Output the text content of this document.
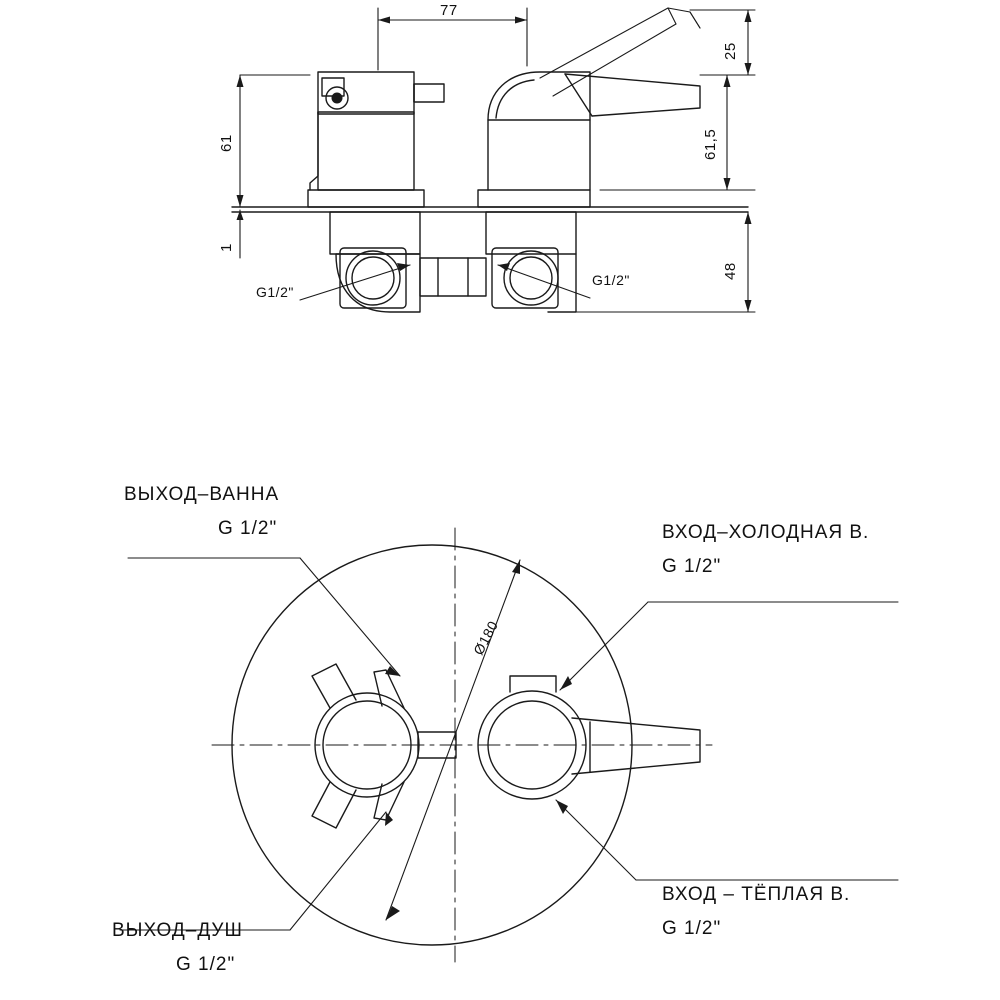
77
61
1
25
61,5
48
Ø180
G1/2"
G1/2"
ВЫХОД–ВАННА
G 1/2"	ВХОД–ХОЛОДНАЯ В.
G 1/2"
ВЫХОД–ДУШ
G 1/2"
ВХОД – ТЁПЛАЯ В.
G 1/2"
